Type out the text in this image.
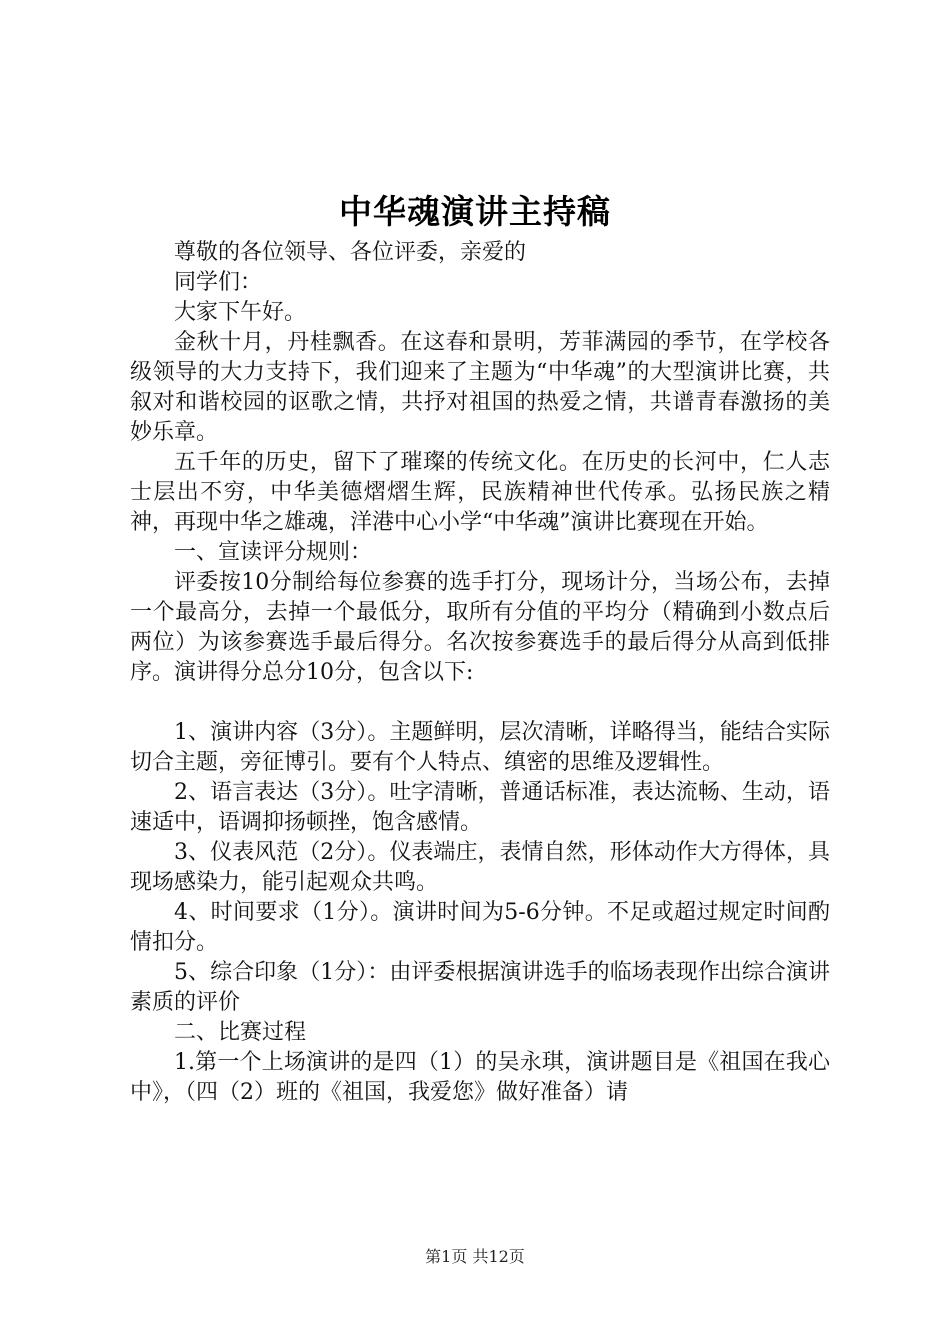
中华魂演讲主持稿

尊敬的各位领导、各位评委，亲爱的

同学们：

大家下午好。

金秋十月，丹桂飘香。在这春和景明，芳菲满园的季节，在学校各级领导的大力支持下，我们迎来了主题为“中华魂”的大型演讲比赛，共叙对和谐校园的讴歌之情，共抒对祖国的热爱之情，共谱青春激扬的美妙乐章。

五千年的历史，留下了璀璨的传统文化。在历史的长河中，仁人志士层出不穷，中华美德熠熠生辉，民族精神世代传承。弘扬民族之精神，再现中华之雄魂，洋港中心小学“中华魂”演讲比赛现在开始。

一、宣读评分规则：

评委按10分制给每位参赛的选手打分，现场计分，当场公布，去掉一个最高分，去掉一个最低分，取所有分值的平均分（精确到小数点后两位）为该参赛选手最后得分。名次按参赛选手的最后得分从高到低排序。演讲得分总分10分，包含以下:

1、演讲内容（3分）。主题鲜明，层次清晰，详略得当，能结合实际切合主题，旁征博引。要有个人特点、缜密的思维及逻辑性。

2、语言表达（3分）。吐字清晰，普通话标准，表达流畅、生动，语速适中，语调抑扬顿挫，饱含感情。

3、仪表风范（2分）。仪表端庄，表情自然，形体动作大方得体，具现场感染力，能引起观众共鸣。

4、时间要求（1分）。演讲时间为5-6分钟。不足或超过规定时间酌情扣分。

5、综合印象（1分）：由评委根据演讲选手的临场表现作出综合演讲素质的评价

二、比赛过程

1.第一个上场演讲的是四（1）的吴永琪，演讲题目是《祖国在我心中》，（四（2）班的《祖国，我爱您》做好准备）请

第1页 共12页
